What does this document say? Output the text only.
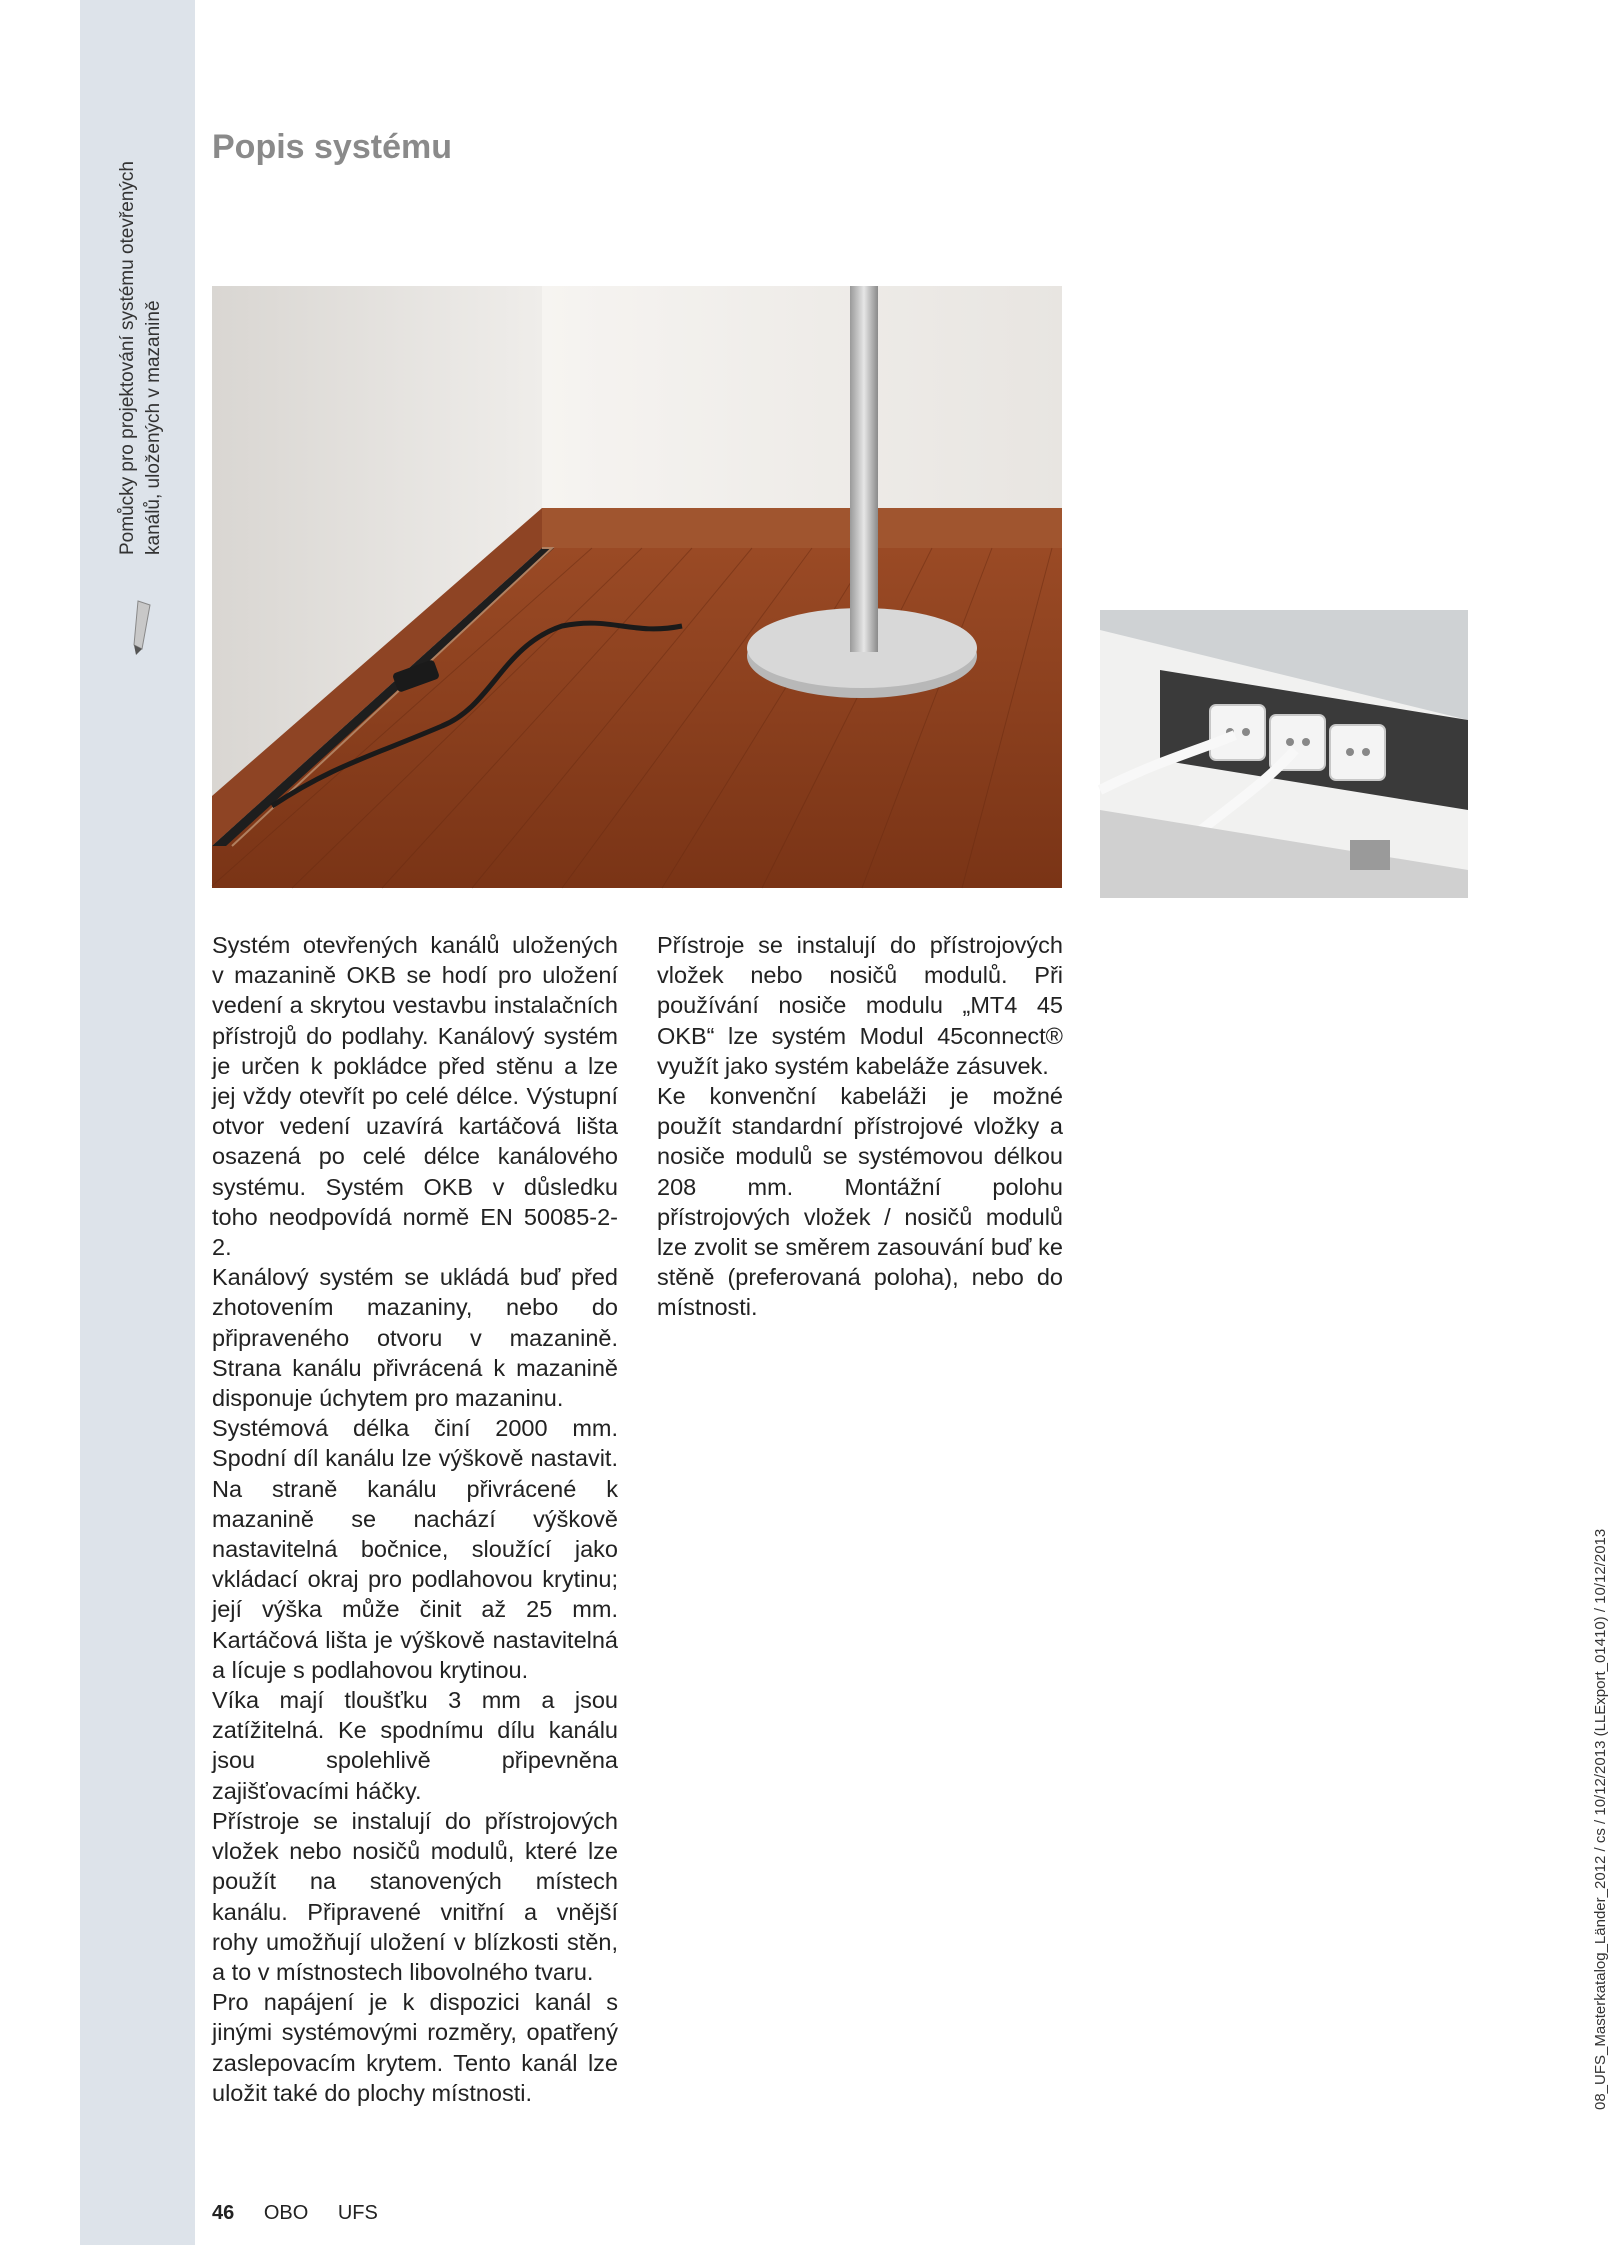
Pomůcky pro projektování systému otevřených kanálů, uložených v mazanině
Popis systému

Systém otevřených kanálů uložených v mazanině OKB se hodí pro uložení vedení a skrytou vestavbu instalačních přístrojů do podlahy. Kanálový systém je určen k pokládce před stěnu a lze jej vždy otevřít po celé délce. Výstupní otvor vedení uzavírá kartáčová lišta osazená po celé délce kanálového systému. Systém OKB v důsledku toho neodpovídá normě EN 50085-2-2.

Kanálový systém se ukládá buď před zhotovením mazaniny, nebo do připraveného otvoru v mazanině. Strana kanálu přivrácená k mazanině disponuje úchytem pro mazaninu.

Systémová délka činí 2000 mm. Spodní díl kanálu lze výškově nastavit. Na straně kanálu přivrácené k mazanině se nachází výškově nastavitelná bočnice, sloužící jako vkládací okraj pro podlahovou krytinu; její výška může činit až 25 mm. Kartáčová lišta je výškově nastavitelná a lícuje s podlahovou krytinou.

Víka mají tloušťku 3 mm a jsou zatížitelná. Ke spodnímu dílu kanálu jsou spolehlivě připevněna zajišťovacími háčky.

Přístroje se instalují do přístrojových vložek nebo nosičů modulů, které lze použít na stanovených místech kanálu. Připravené vnitřní a vnější rohy umožňují uložení v blízkosti stěn, a to v místnostech libovolného tvaru.

Pro napájení je k dispozici kanál s jinými systémovými rozměry, opatřený zaslepovacím krytem. Tento kanál lze uložit také do plochy místnosti.

Přístroje se instalují do přístrojových vložek nebo nosičů modulů. Při používání nosiče modulu „MT4 45 OKB“ lze systém Modul 45connect® využít jako systém kabeláže zásuvek.

Ke konvenční kabeláži je možné použít standardní přístrojové vložky a nosiče modulů se systémovou délkou 208 mm. Montážní polohu přístrojových vložek / nosičů modulů lze zvolit se směrem zasouvání buď ke stěně (preferovaná poloha), nebo do místnosti.

46 OBO UFS
08_UFS_Masterkatalog_Länder_2012 / cs / 10/12/2013 (LLExport_01410) / 10/12/2013
